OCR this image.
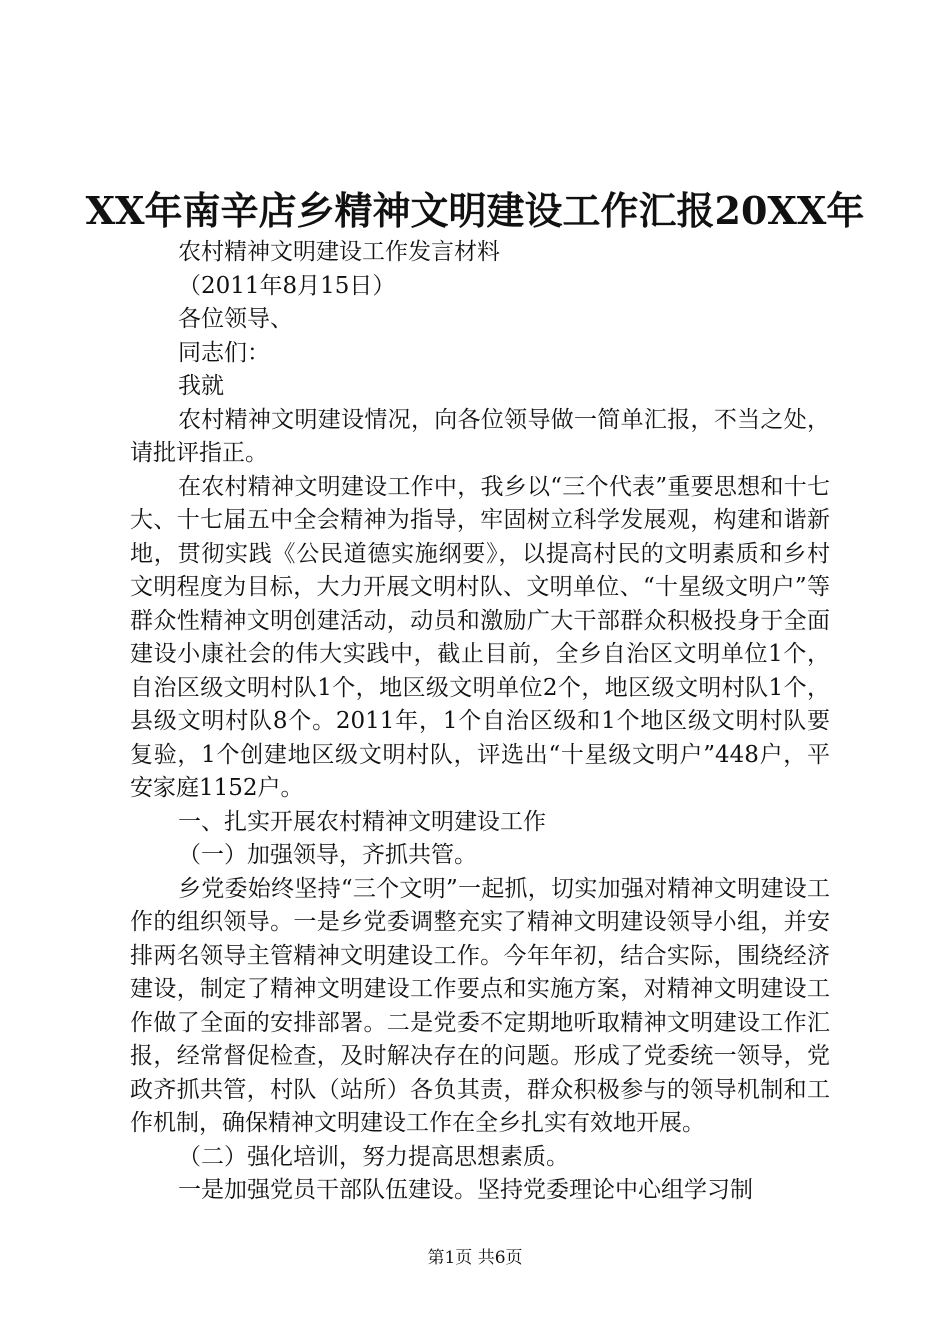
XX年南辛店乡精神文明建设工作汇报20XX年

农村精神文明建设工作发言材料

（2011年8月15日）

各位领导、

同志们：

我就

农村精神文明建设情况，向各位领导做一简单汇报，不当之处，请批评指正。

在农村精神文明建设工作中，我乡以“三个代表”重要思想和十七大、十七届五中全会精神为指导，牢固树立科学发展观，构建和谐新地，贯彻实践《公民道德实施纲要》，以提高村民的文明素质和乡村文明程度为目标，大力开展文明村队、文明单位、“十星级文明户”等群众性精神文明创建活动，动员和激励广大干部群众积极投身于全面建设小康社会的伟大实践中，截止目前，全乡自治区文明单位1个，自治区级文明村队1个，地区级文明单位2个，地区级文明村队1个，县级文明村队8个。2011年，1个自治区级和1个地区级文明村队要复验，1个创建地区级文明村队，评选出“十星级文明户”448户，平安家庭1152户。

一、扎实开展农村精神文明建设工作

（一）加强领导，齐抓共管。

乡党委始终坚持“三个文明”一起抓，切实加强对精神文明建设工作的组织领导。一是乡党委调整充实了精神文明建设领导小组，并安排两名领导主管精神文明建设工作。今年年初，结合实际，围绕经济建设，制定了精神文明建设工作要点和实施方案，对精神文明建设工作做了全面的安排部署。二是党委不定期地听取精神文明建设工作汇报，经常督促检查，及时解决存在的问题。形成了党委统一领导，党政齐抓共管，村队（站所）各负其责，群众积极参与的领导机制和工作机制，确保精神文明建设工作在全乡扎实有效地开展。

（二）强化培训，努力提高思想素质。

一是加强党员干部队伍建设。坚持党委理论中心组学习制

第1页 共6页
